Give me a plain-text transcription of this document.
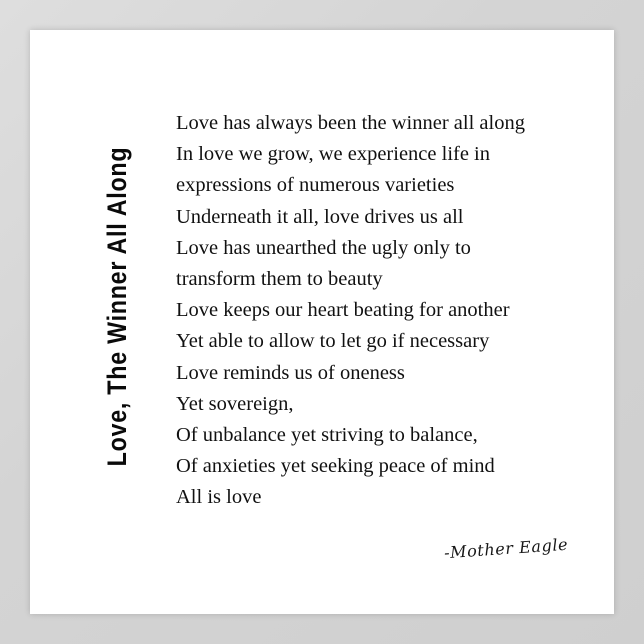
Love, The Winner All Along
Love has always been the winner all along
In love we grow, we experience life in
expressions of numerous varieties
Underneath it all, love drives us all
Love has unearthed the ugly only to
transform them to beauty
Love keeps our heart beating for another
Yet able to allow to let go if necessary
Love reminds us of oneness
Yet sovereign,
Of unbalance yet striving to balance,
Of anxieties yet seeking peace of mind
All is love
-Mother Eagle
